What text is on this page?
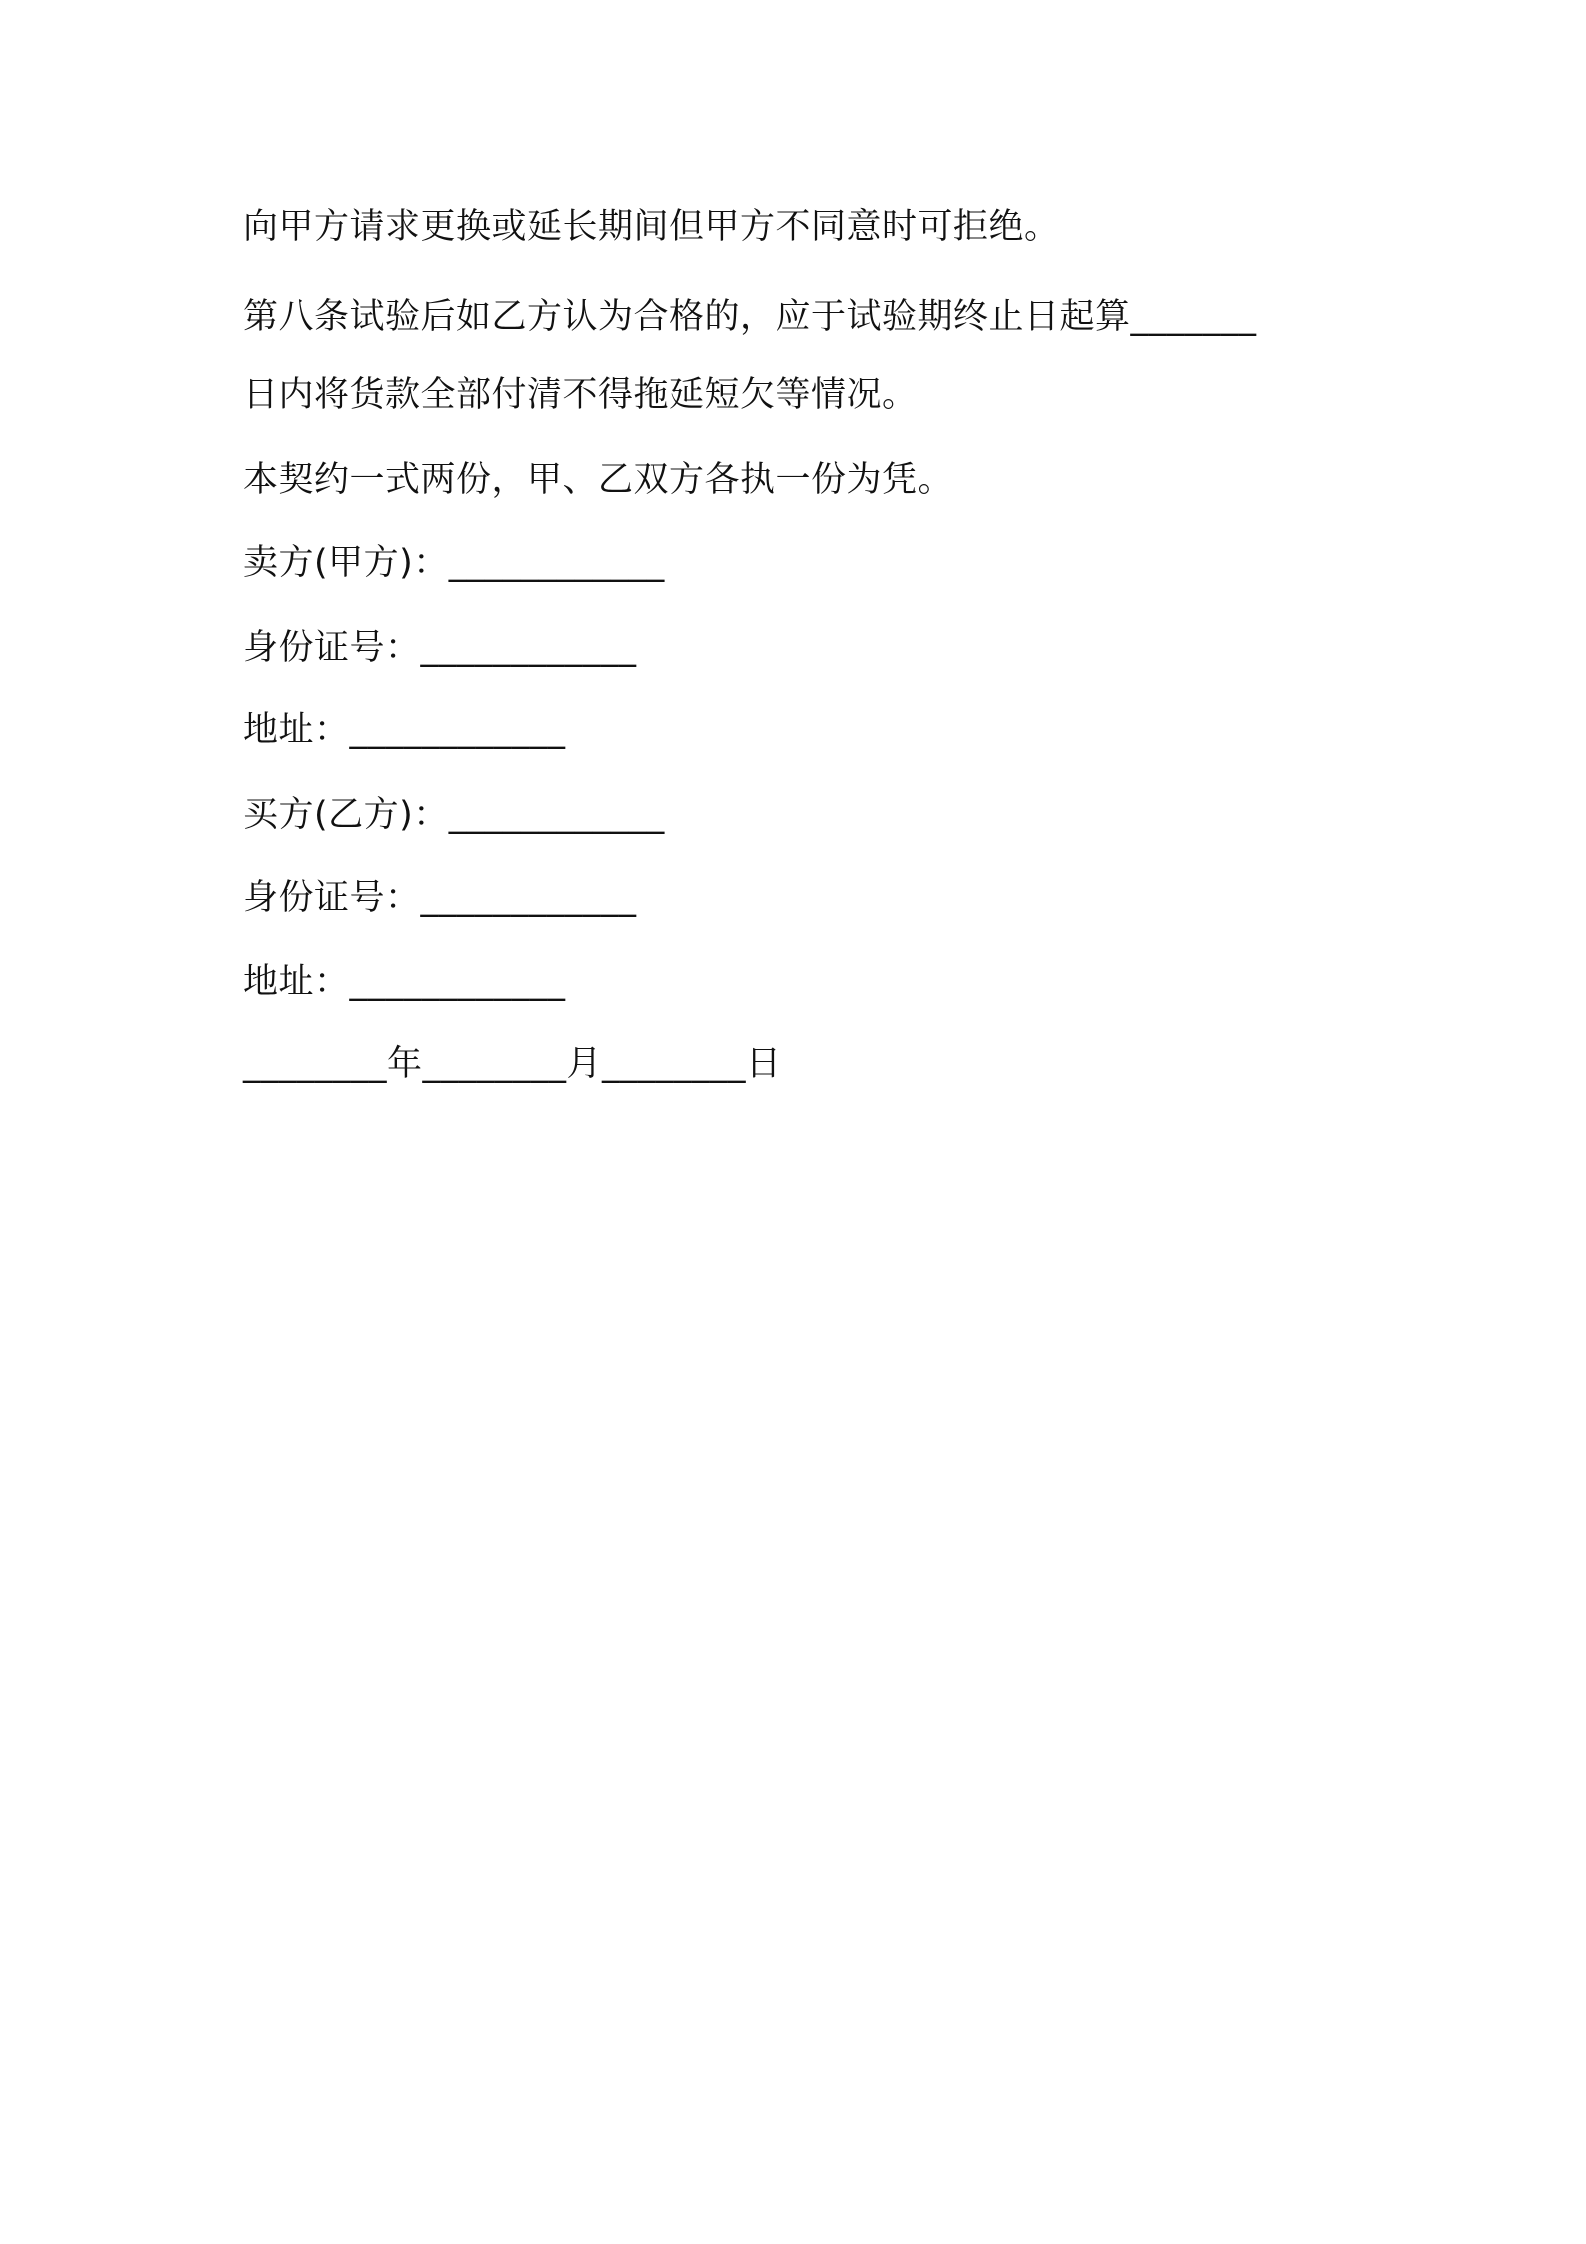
向甲方请求更换或延长期间但甲方不同意时可拒绝。
第八条试验后如乙方认为合格的，应于试验期终止日起算_______
日内将货款全部付清不得拖延短欠等情况。
本契约一式两份，甲、乙双方各执一份为凭。
卖方(甲方)：____________
身份证号：____________
地址：____________
买方(乙方)：____________
身份证号：____________
地址：____________
________年________月________日
